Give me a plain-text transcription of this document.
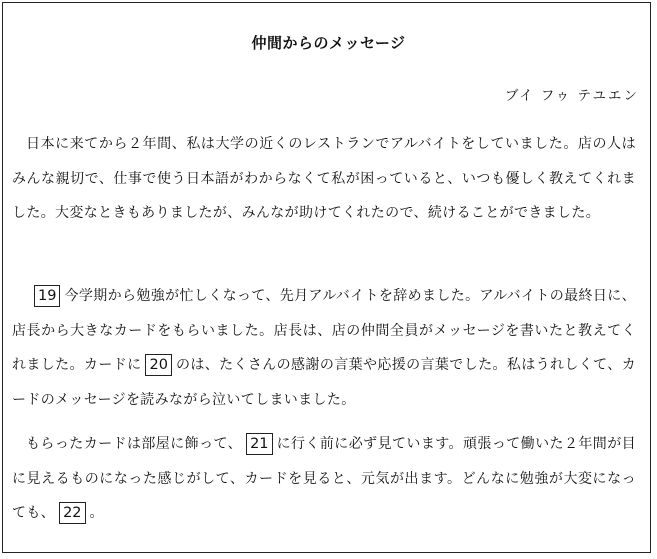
仲間からのメッセージ
ブイ フゥ テユエン

日本に来てから２年間、私は大学の近くのレストランでアルバイトをしていました。店の人はみんな親切で、仕事で使う日本語がわからなくて私が困っていると、いつも優しく教えてくれました。大変なときもありましたが、みんなが助けてくれたので、続けることができました。

19 今学期から勉強が忙しくなって、先月アルバイトを辞めました。アルバイトの最終日に、店長から大きなカードをもらいました。店長は、店の仲間全員がメッセージを書いたと教えてくれました。カードに 20 のは、たくさんの感謝の言葉や応援の言葉でした。私はうれしくて、カードのメッセージを読みながら泣いてしまいました。

もらったカードは部屋に飾って、 21 に行く前に必ず見ています。頑張って働いた２年間が目に見えるものになった感じがして、カードを見ると、元気が出ます。どんなに勉強が大変になっても、 22 。
